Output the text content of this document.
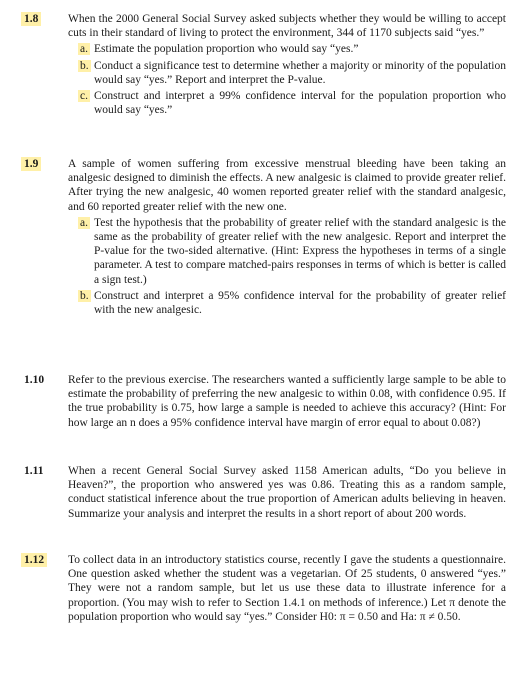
1.8	When the 2000 General Social Survey asked subjects whether they would be willing to accept cuts in their standard of living to protect the environment, 344 of 1170 subjects said “yes.”
a. Estimate the population proportion who would say “yes.”
b. Conduct a significance test to determine whether a majority or minority of the population would say “yes.” Report and interpret the P-value.
c. Construct and interpret a 99% confidence interval for the population proportion who would say “yes.”
1.9	A sample of women suffering from excessive menstrual bleeding have been taking an analgesic designed to diminish the effects. A new analgesic is claimed to provide greater relief. After trying the new analgesic, 40 women reported greater relief with the standard analgesic, and 60 reported greater relief with the new one.
a. Test the hypothesis that the probability of greater relief with the standard analgesic is the same as the probability of greater relief with the new analgesic. Report and interpret the P-value for the two-sided alternative. (Hint: Express the hypotheses in terms of a single parameter. A test to compare matched-pairs responses in terms of which is better is called a sign test.)
b. Construct and interpret a 95% confidence interval for the probability of greater relief with the new analgesic.
1.10	Refer to the previous exercise. The researchers wanted a sufficiently large sample to be able to estimate the probability of preferring the new analgesic to within 0.08, with confidence 0.95. If the true probability is 0.75, how large a sample is needed to achieve this accuracy? (Hint: For how large an n does a 95% confidence interval have margin of error equal to about 0.08?)
1.11	When a recent General Social Survey asked 1158 American adults, “Do you believe in Heaven?”, the proportion who answered yes was 0.86. Treating this as a random sample, conduct statistical inference about the true proportion of American adults believing in heaven. Summarize your analysis and interpret the results in a short report of about 200 words.
1.12	To collect data in an introductory statistics course, recently I gave the students a questionnaire. One question asked whether the student was a vegetarian. Of 25 students, 0 answered “yes.” They were not a random sample, but let us use these data to illustrate inference for a proportion. (You may wish to refer to Section 1.4.1 on methods of inference.) Let π denote the population proportion who would say “yes.” Consider H0: π = 0.50 and Ha: π ≠ 0.50.
